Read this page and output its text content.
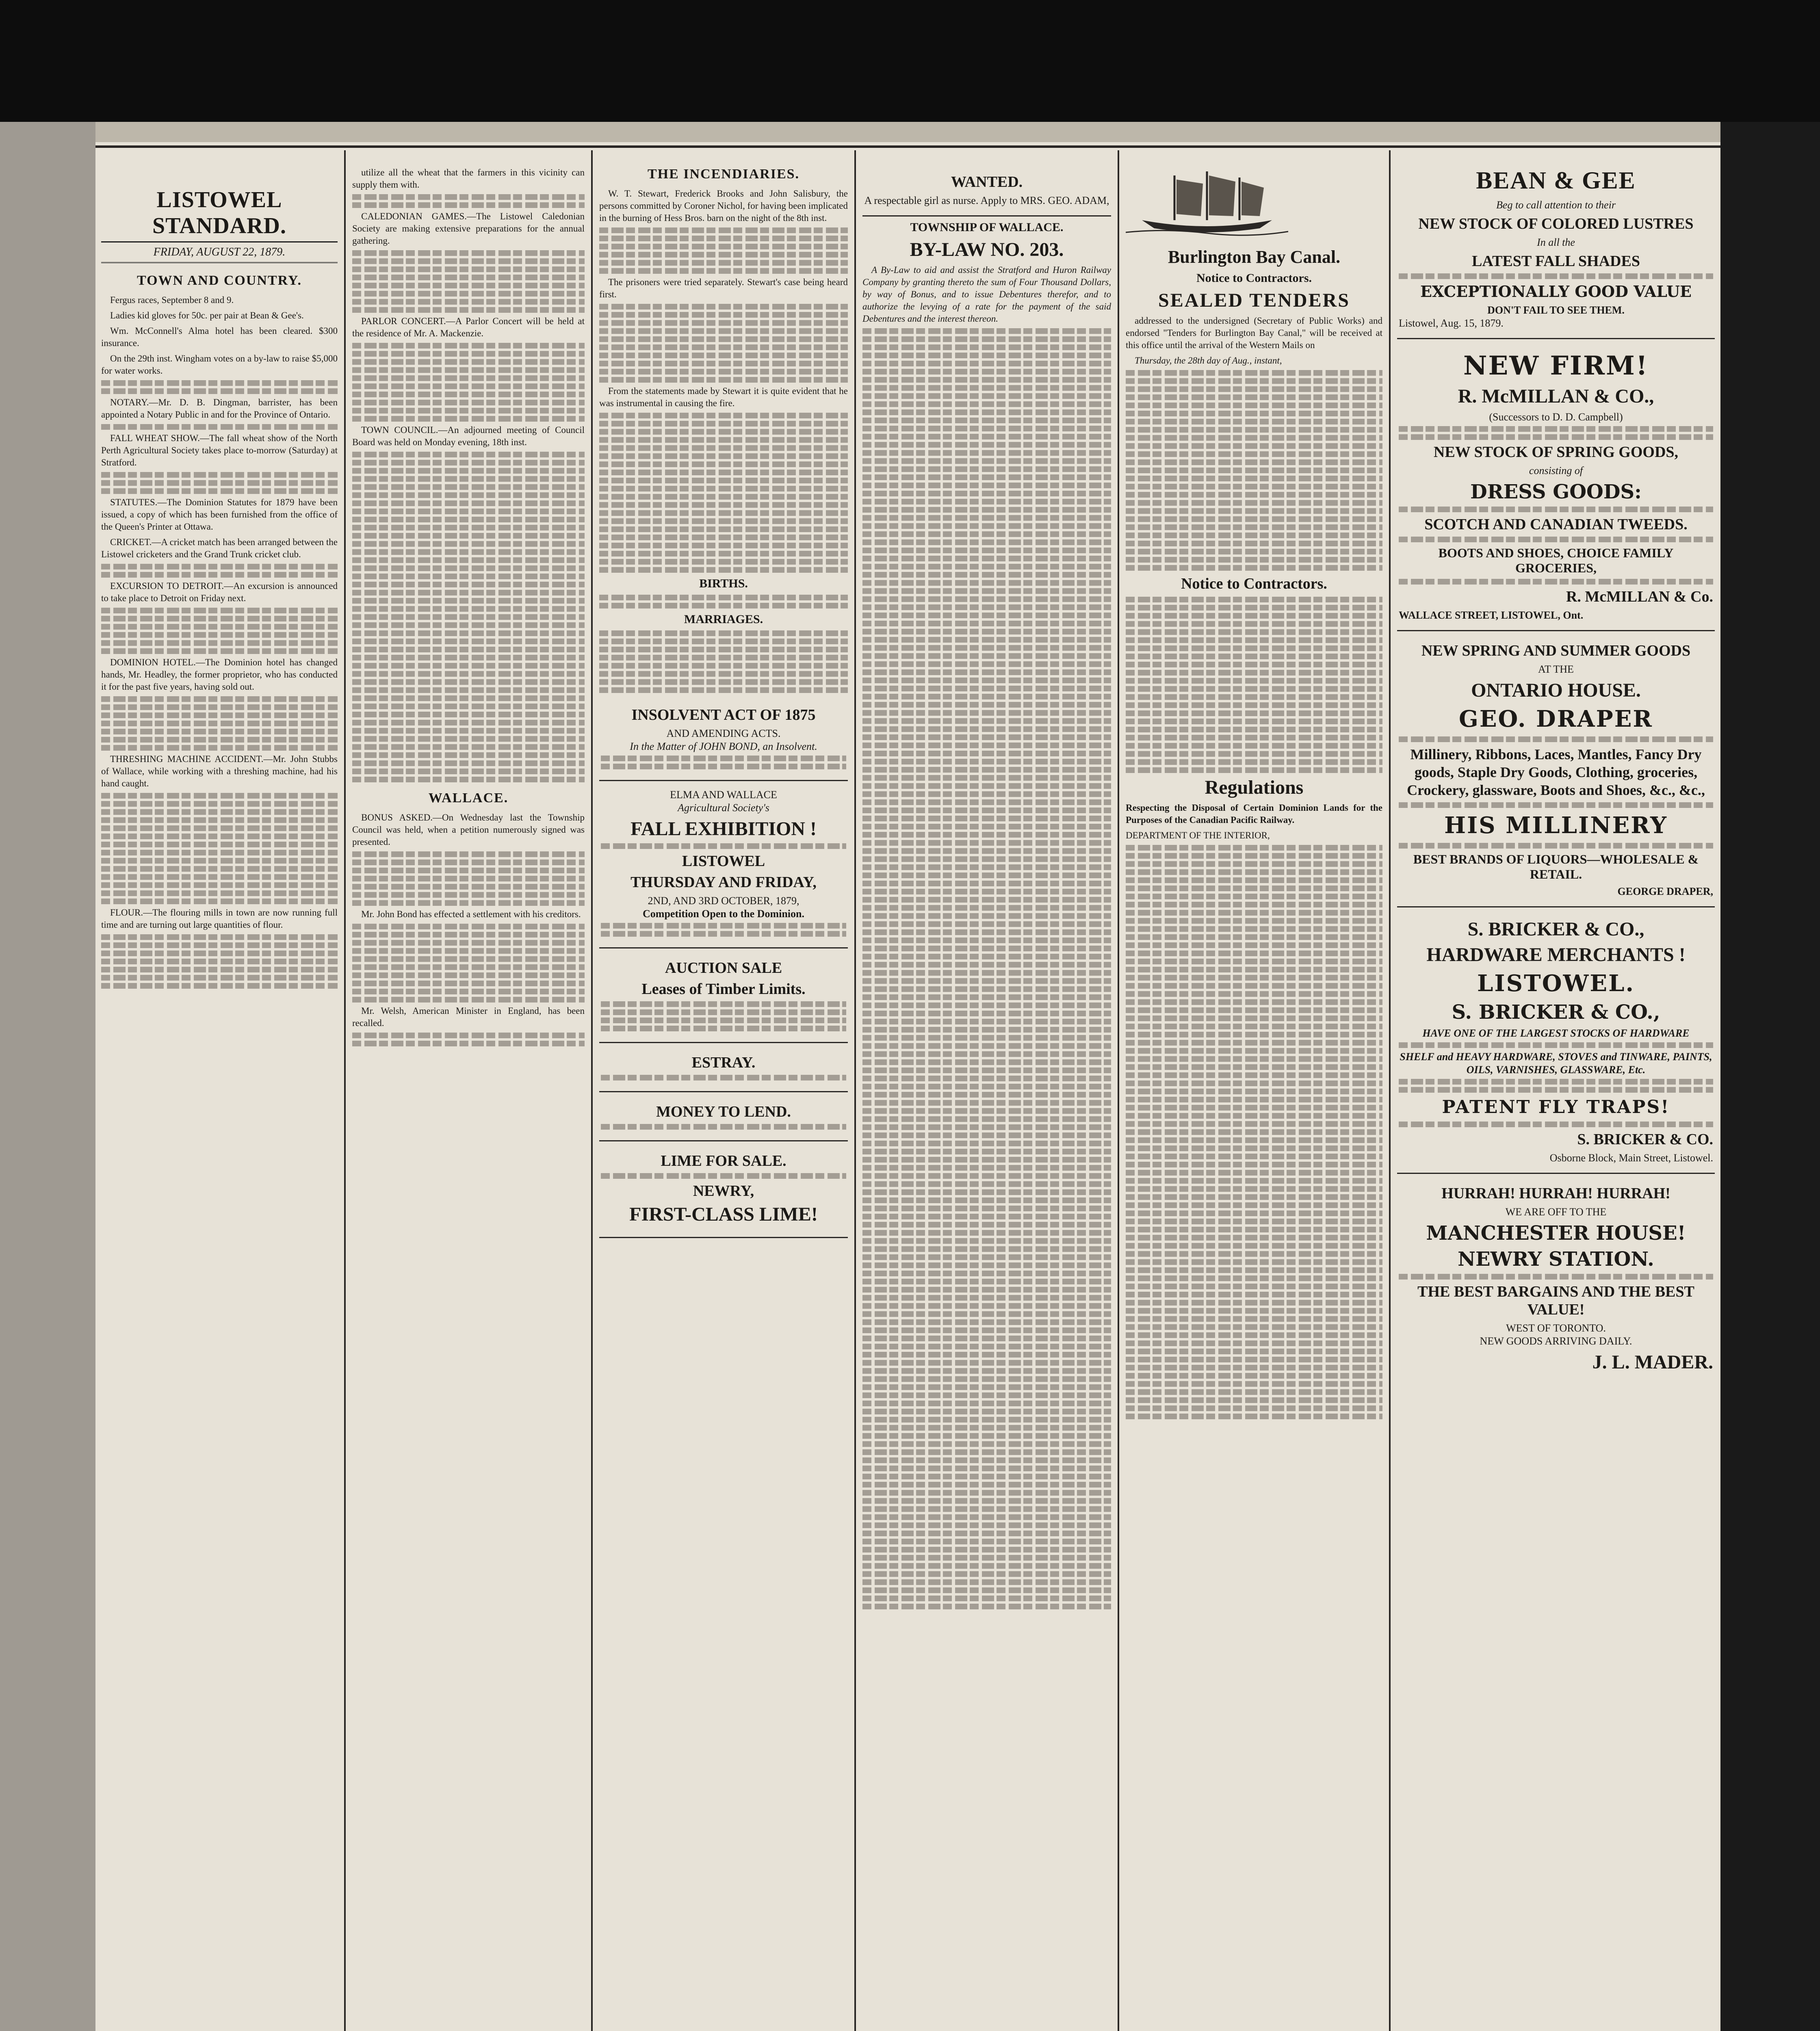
LISTOWEL STANDARD.
FRIDAY, AUGUST 22, 1879.
TOWN AND COUNTRY.

Fergus races, September 8 and 9.

Ladies kid gloves for 50c. per pair at Bean & Gee's.

Wm. McConnell's Alma hotel has been cleared. $300 insurance.

On the 29th inst. Wingham votes on a by-law to raise $5,000 for water works.

NOTARY.—Mr. D. B. Dingman, barrister, has been appointed a Notary Public in and for the Province of Ontario.

FALL WHEAT SHOW.—The fall wheat show of the North Perth Agricultural Society takes place to-morrow (Saturday) at Stratford.

STATUTES.—The Dominion Statutes for 1879 have been issued, a copy of which has been furnished from the office of the Queen's Printer at Ottawa.

CRICKET.—A cricket match has been arranged between the Listowel cricketers and the Grand Trunk cricket club.

EXCURSION TO DETROIT.—An excursion is announced to take place to Detroit on Friday next.

DOMINION HOTEL.—The Dominion hotel has changed hands, Mr. Headley, the former proprietor, who has conducted it for the past five years, having sold out.

THRESHING MACHINE ACCIDENT.—Mr. John Stubbs of Wallace, while working with a threshing machine, had his hand caught.

FLOUR.—The flouring mills in town are now running full time and are turning out large quantities of flour.

utilize all the wheat that the farmers in this vicinity can supply them with.

CALEDONIAN GAMES.—The Listowel Caledonian Society are making extensive preparations for the annual gathering.

PARLOR CONCERT.—A Parlor Concert will be held at the residence of Mr. A. Mackenzie.

TOWN COUNCIL.—An adjourned meeting of Council Board was held on Monday evening, 18th inst.

WALLACE.

BONUS ASKED.—On Wednesday last the Township Council was held, when a petition numerously signed was presented.

Mr. John Bond has effected a settlement with his creditors.

Mr. Welsh, American Minister in England, has been recalled.

THE INCENDIARIES.

W. T. Stewart, Frederick Brooks and John Salisbury, the persons committed by Coroner Nichol, for having been implicated in the burning of Hess Bros. barn on the night of the 8th inst.

The prisoners were tried separately. Stewart's case being heard first.

From the statements made by Stewart it is quite evident that he was instrumental in causing the fire.

BIRTHS.
MARRIAGES.
INSOLVENT ACT OF 1875
AND AMENDING ACTS.
In the Matter of JOHN BOND, an Insolvent.
ELMA AND WALLACE
Agricultural Society's
FALL EXHIBITION !
LISTOWEL
THURSDAY AND FRIDAY,
2ND, AND 3RD OCTOBER, 1879,
Competition Open to the Dominion.
AUCTION SALE
Leases of Timber Limits.
ESTRAY.
MONEY TO LEND.
LIME FOR SALE.
NEWRY,
FIRST-CLASS LIME!
WANTED.
A respectable girl as nurse. Apply to MRS. GEO. ADAM,
TOWNSHIP OF WALLACE.
BY-LAW NO. 203.

A By-Law to aid and assist the Stratford and Huron Railway Company by granting thereto the sum of Four Thousand Dollars, by way of Bonus, and to issue Debentures therefor, and to authorize the levying of a rate for the payment of the said Debentures and the interest thereon.

Burlington Bay Canal.
Notice to Contractors.
SEALED TENDERS

addressed to the undersigned (Secretary of Public Works) and endorsed "Tenders for Burlington Bay Canal," will be received at this office until the arrival of the Western Mails on

Thursday, the 28th day of Aug., instant,

Notice to Contractors.
Regulations

Respecting the Disposal of Certain Dominion Lands for the Purposes of the Canadian Pacific Railway.

DEPARTMENT OF THE INTERIOR,

BEAN & GEE
Beg to call attention to their
NEW STOCK OF COLORED LUSTRES
In all the
LATEST FALL SHADES
EXCEPTIONALLY GOOD VALUE
DON'T FAIL TO SEE THEM.
Listowel, Aug. 15, 1879.
NEW FIRM!
R. McMILLAN & CO.,
(Successors to D. D. Campbell)
NEW STOCK OF SPRING GOODS,
consisting of
DRESS GOODS:
SCOTCH AND CANADIAN TWEEDS.
BOOTS AND SHOES, CHOICE FAMILY GROCERIES,
R. McMILLAN & Co.
WALLACE STREET, LISTOWEL, Ont.
NEW SPRING AND SUMMER GOODS
AT THE
ONTARIO HOUSE.
GEO. DRAPER
Millinery, Ribbons, Laces, Mantles, Fancy Dry goods, Staple Dry Goods, Clothing, groceries, Crockery, glassware, Boots and Shoes, &c., &c.,
HIS MILLINERY
BEST BRANDS OF LIQUORS—WHOLESALE & RETAIL.
GEORGE DRAPER,
S. BRICKER & CO.,
HARDWARE MERCHANTS !
LISTOWEL.
S. BRICKER & CO.,
HAVE ONE OF THE LARGEST STOCKS OF HARDWARE
SHELF and HEAVY HARDWARE, STOVES and TINWARE, PAINTS, OILS, VARNISHES, GLASSWARE, Etc.
PATENT FLY TRAPS!
S. BRICKER & CO.
Osborne Block, Main Street, Listowel.
HURRAH! HURRAH! HURRAH!
WE ARE OFF TO THE
MANCHESTER HOUSE!
NEWRY STATION.
THE BEST BARGAINS AND THE BEST VALUE!
WEST OF TORONTO.
NEW GOODS ARRIVING DAILY.
J. L. MADER.
